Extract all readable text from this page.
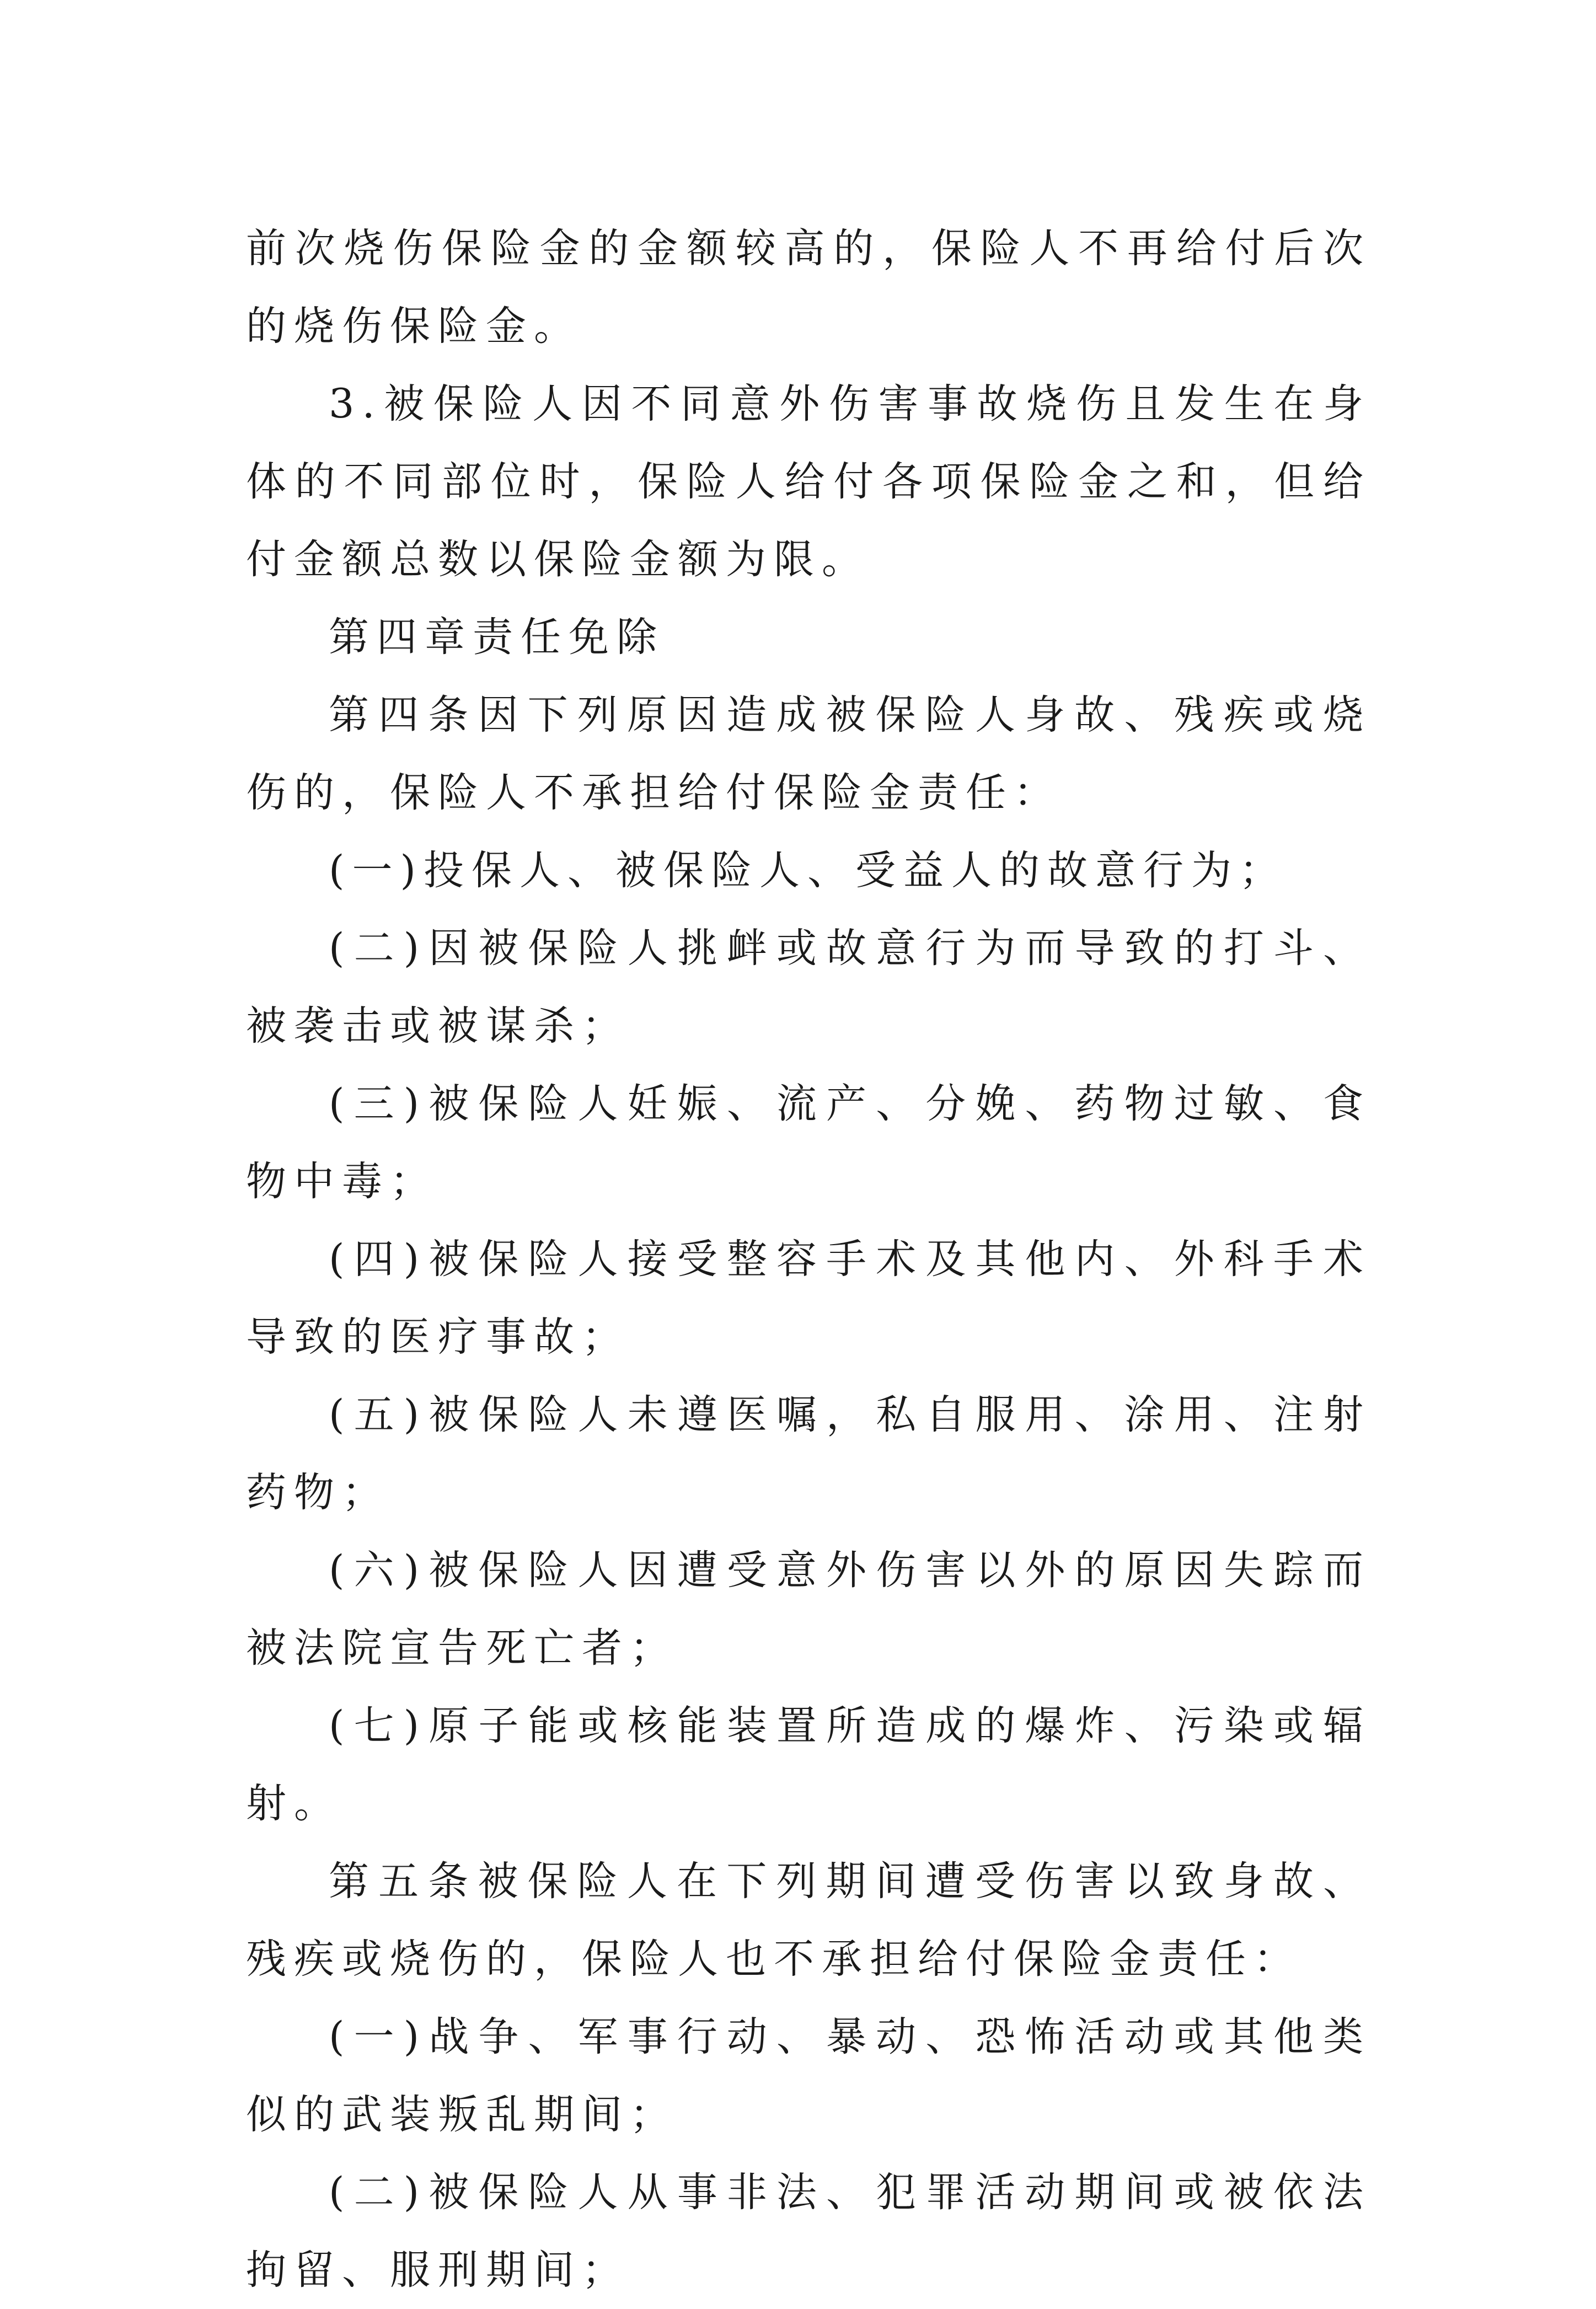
前次烧伤保险金的金额较高的，保险人不再给付后次的烧伤保险金。

3.被保险人因不同意外伤害事故烧伤且发生在身体的不同部位时，保险人给付各项保险金之和，但给付金额总数以保险金额为限。

第四章责任免除

第四条因下列原因造成被保险人身故、残疾或烧伤的，保险人不承担给付保险金责任：

(一)投保人、被保险人、受益人的故意行为；

(二)因被保险人挑衅或故意行为而导致的打斗、被袭击或被谋杀；

(三)被保险人妊娠、流产、分娩、药物过敏、食物中毒；

(四)被保险人接受整容手术及其他内、外科手术导致的医疗事故；

(五)被保险人未遵医嘱，私自服用、涂用、注射药物；

(六)被保险人因遭受意外伤害以外的原因失踪而被法院宣告死亡者；

(七)原子能或核能装置所造成的爆炸、污染或辐射。

第五条被保险人在下列期间遭受伤害以致身故、残疾或烧伤的，保险人也不承担给付保险金责任：

(一)战争、军事行动、暴动、恐怖活动或其他类似的武装叛乱期间；

(二)被保险人从事非法、犯罪活动期间或被依法拘留、服刑期间；
